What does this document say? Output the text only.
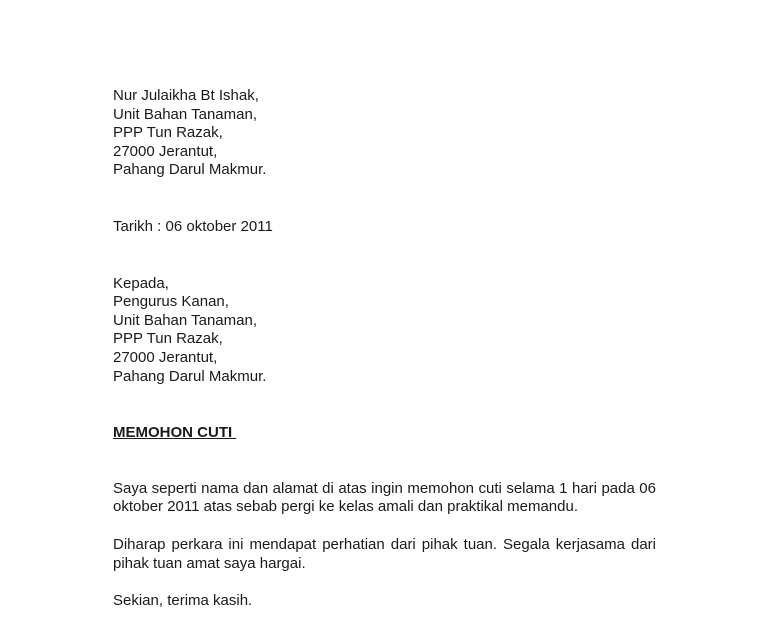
Nur Julaikha Bt Ishak,
Unit Bahan Tanaman,
PPP Tun Razak,
27000 Jerantut,
Pahang Darul Makmur.
Tarikh : 06 oktober 2011
Kepada,
Pengurus Kanan,
Unit Bahan Tanaman,
PPP Tun Razak,
27000 Jerantut,
Pahang Darul Makmur.
MEMOHON CUTI
Saya seperti nama dan alamat di atas ingin memohon cuti selama 1 hari pada 06 oktober 2011 atas sebab pergi ke kelas amali dan praktikal memandu.
Diharap perkara ini mendapat perhatian dari pihak tuan. Segala kerjasama dari pihak tuan amat saya hargai.
Sekian, terima kasih.
